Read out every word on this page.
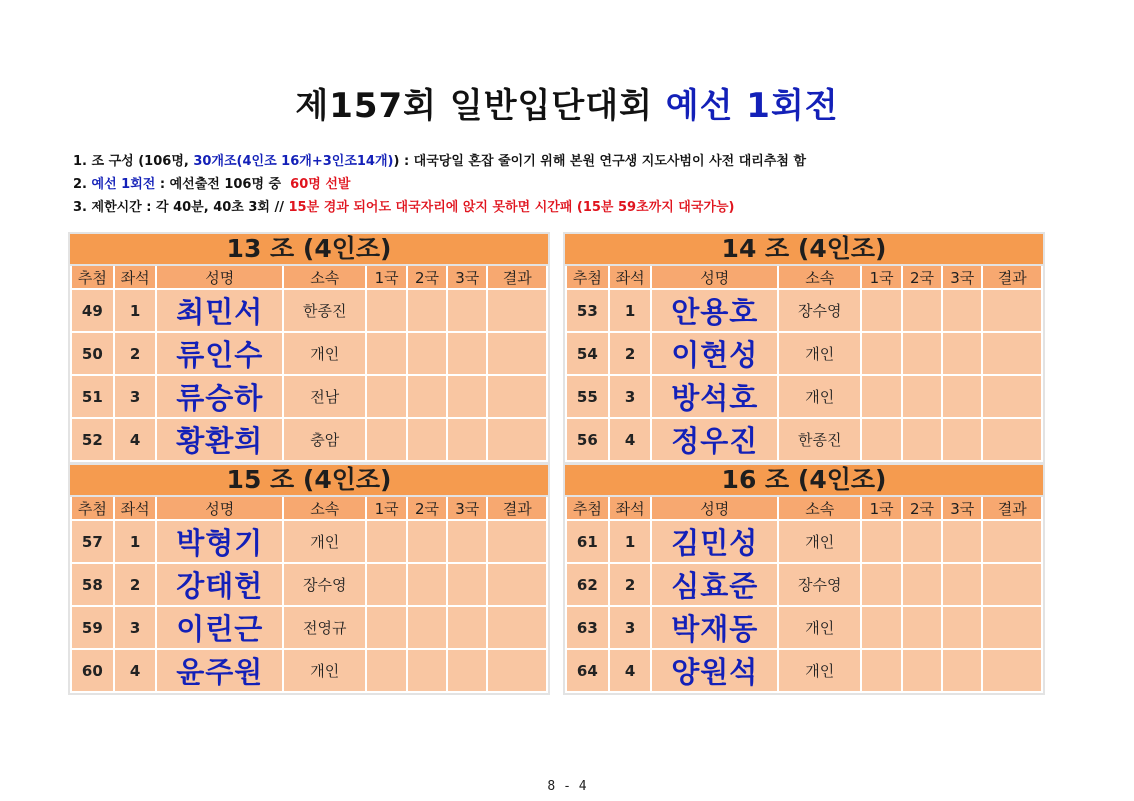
제157회 일반입단대회 예선 1회전
1. 조 구성 (106명, 30개조(4인조 16개+3인조14개)) : 대국당일 혼잡 줄이기 위해 본원 연구생 지도사범이 사전 대리추첨 함
2. 예선 1회전 : 예선출전 106명 중  60명 선발
3. 제한시간 : 각 40분, 40초 3회 // 15분 경과 되어도 대국자리에 앉지 못하면 시간패 (15분 59초까지 대국가능)
13 조 (4인조)
추첨	좌석	성명	소속	1국	2국	3국	결과
49	1	최민서	한종진				
50	2	류인수	개인				
51	3	류승하	전남				
52	4	황환희	충암				
14 조 (4인조)
추첨	좌석	성명	소속	1국	2국	3국	결과
53	1	안용호	장수영				
54	2	이현성	개인				
55	3	방석호	개인				
56	4	정우진	한종진				
15 조 (4인조)
추첨	좌석	성명	소속	1국	2국	3국	결과
57	1	박형기	개인				
58	2	강태헌	장수영				
59	3	이린근	전영규				
60	4	윤주원	개인				
16 조 (4인조)
추첨	좌석	성명	소속	1국	2국	3국	결과
61	1	김민성	개인				
62	2	심효준	장수영				
63	3	박재동	개인				
64	4	양원석	개인				
8 - 4
